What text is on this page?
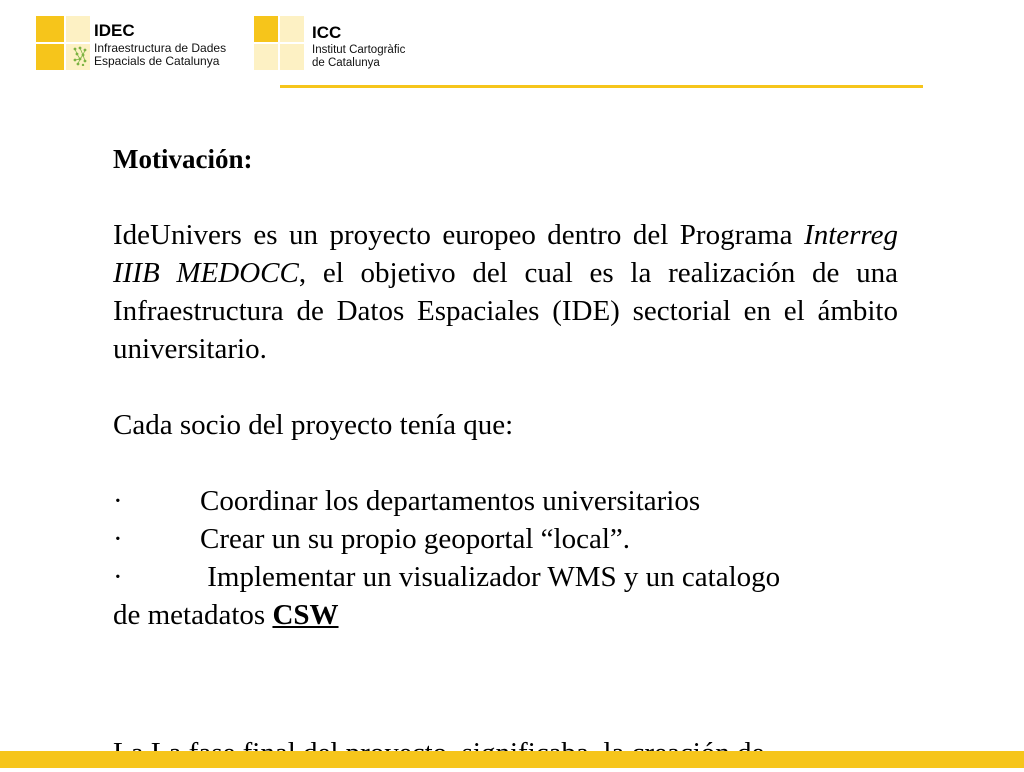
IDEC
Infraestructura de Dades
Espacials de Catalunya
ICC
Institut Cartogràfic
de Catalunya

Motivación:

IdeUnivers es un proyecto europeo dentro del Programa Interreg IIIB MEDOCC, el objetivo del cual es la realización de una Infraestructura de Datos Espaciales (IDE) sectorial en el ámbito universitario.

Cada socio del proyecto tenía que:

·	Coordinar los departamentos universitarios
·	Crear un su propio geoportal “local”.
·	Implementar un visualizador WMS y un catalogo

de metadatos CSW
